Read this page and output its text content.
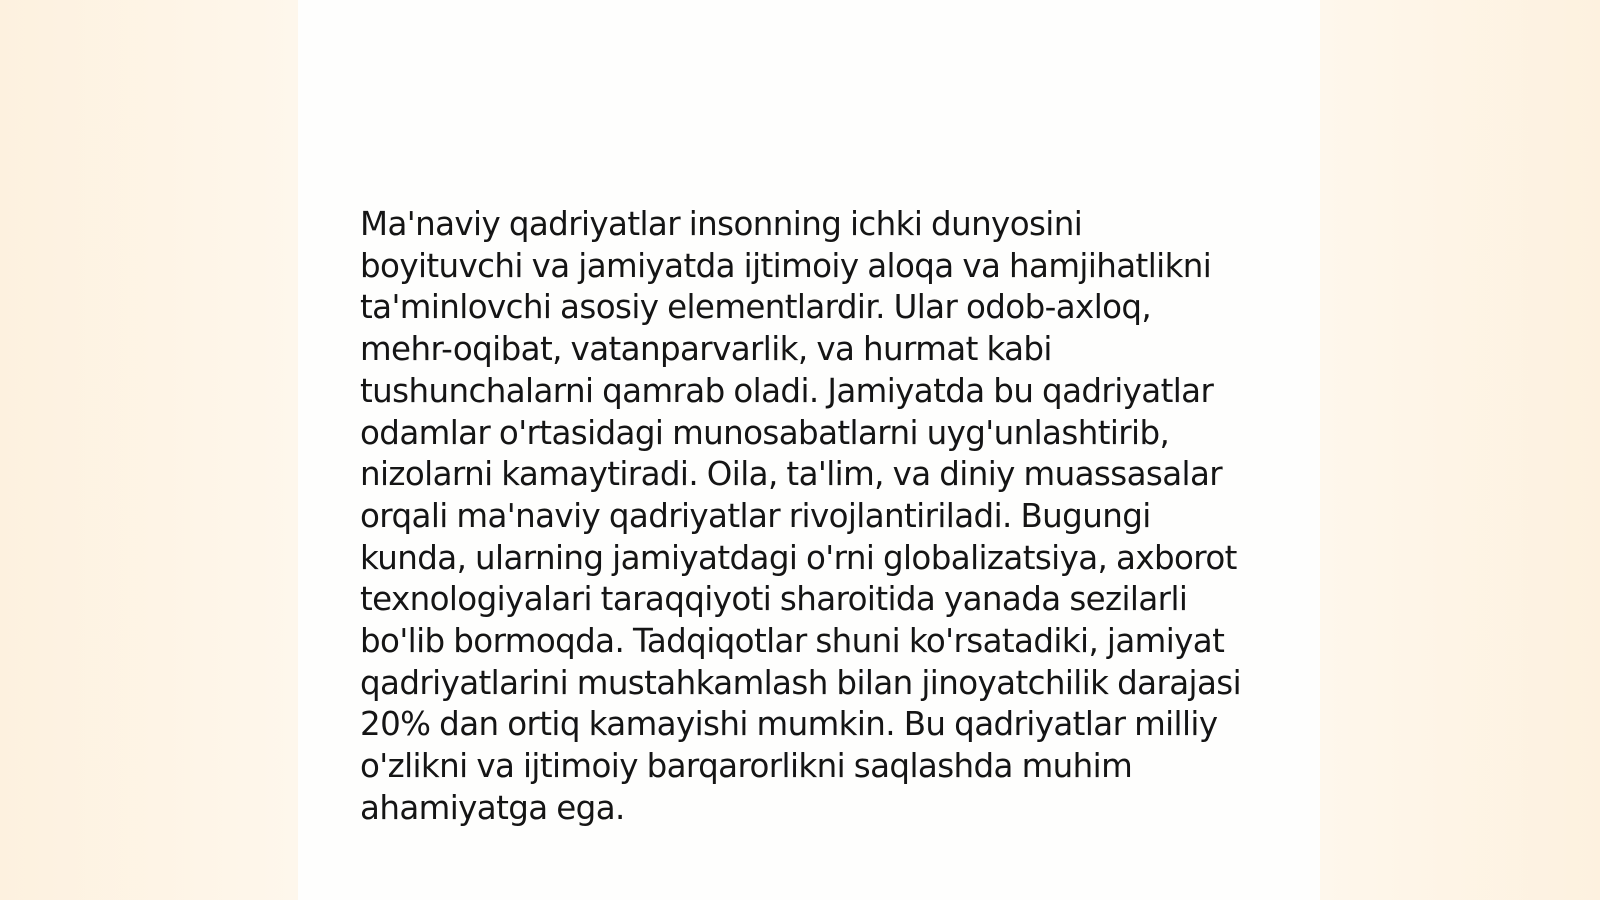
Ma'naviy qadriyatlar insonning ichki dunyosini boyituvchi va jamiyatda ijtimoiy aloqa va hamjihatlikni ta'minlovchi asosiy elementlardir. Ular odob-axloq, mehr-oqibat, vatanparvarlik, va hurmat kabi tushunchalarni qamrab oladi. Jamiyatda bu qadriyatlar odamlar o'rtasidagi munosabatlarni uyg'unlashtirib, nizolarni kamaytiradi. Oila, ta'lim, va diniy muassasalar orqali ma'naviy qadriyatlar rivojlantiriladi. Bugungi kunda, ularning jamiyatdagi o'rni globalizatsiya, axborot texnologiyalari taraqqiyoti sharoitida yanada sezilarli bo'lib bormoqda. Tadqiqotlar shuni ko'rsatadiki, jamiyat qadriyatlarini mustahkamlash bilan jinoyatchilik darajasi 20% dan ortiq kamayishi mumkin. Bu qadriyatlar milliy o'zlikni va ijtimoiy barqarorlikni saqlashda muhim ahamiyatga ega.
